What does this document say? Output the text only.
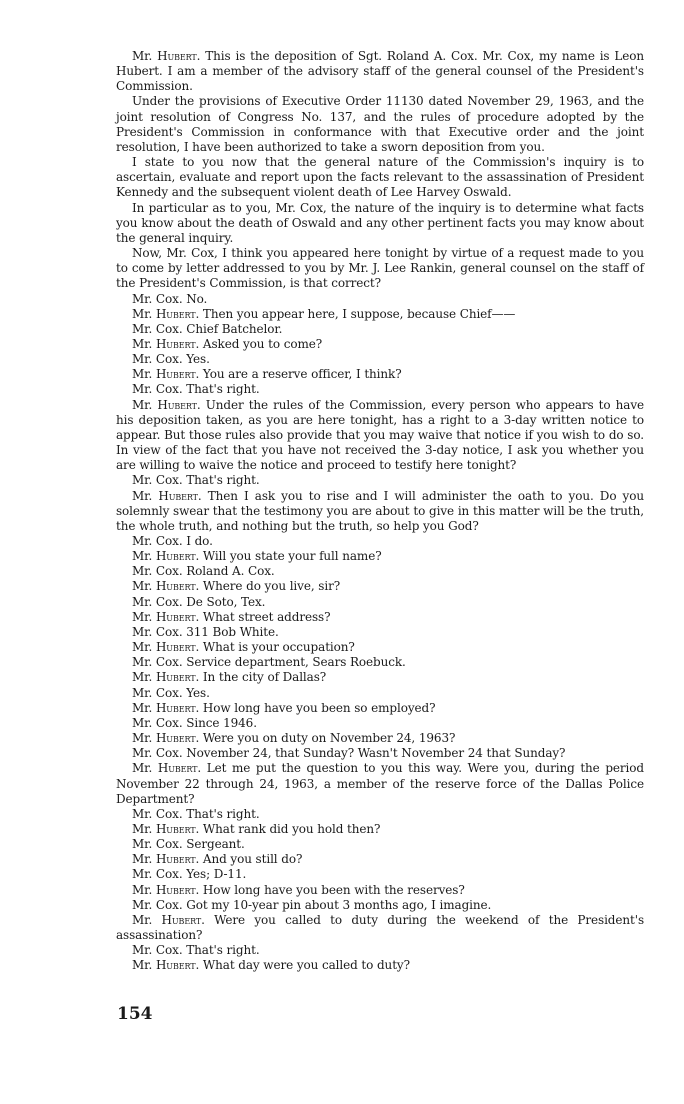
Mr. Hubert. This is the deposition of Sgt. Roland A. Cox. Mr. Cox, my name is Leon Hubert. I am a member of the advisory staff of the general counsel of the President's Commission.

Under the provisions of Executive Order 11130 dated November 29, 1963, and the joint resolution of Congress No. 137, and the rules of procedure adopted by the President's Commission in conformance with that Executive order and the joint resolution, I have been authorized to take a sworn deposition from you.

I state to you now that the general nature of the Commission's inquiry is to ascertain, evaluate and report upon the facts relevant to the assassination of President Kennedy and the subsequent violent death of Lee Harvey Oswald.

In particular as to you, Mr. Cox, the nature of the inquiry is to determine what facts you know about the death of Oswald and any other pertinent facts you may know about the general inquiry.

Now, Mr. Cox, I think you appeared here tonight by virtue of a request made to you to come by letter addressed to you by Mr. J. Lee Rankin, general counsel on the staff of the President's Commission, is that correct?

Mr. Cox. No.

Mr. Hubert. Then you appear here, I suppose, because Chief——

Mr. Cox. Chief Batchelor.

Mr. Hubert. Asked you to come?

Mr. Cox. Yes.

Mr. Hubert. You are a reserve officer, I think?

Mr. Cox. That's right.

Mr. Hubert. Under the rules of the Commission, every person who appears to have his deposition taken, as you are here tonight, has a right to a 3-day written notice to appear. But those rules also provide that you may waive that notice if you wish to do so. In view of the fact that you have not received the 3-day notice, I ask you whether you are willing to waive the notice and proceed to testify here tonight?

Mr. Cox. That's right.

Mr. Hubert. Then I ask you to rise and I will administer the oath to you. Do you solemnly swear that the testimony you are about to give in this matter will be the truth, the whole truth, and nothing but the truth, so help you God?

Mr. Cox. I do.

Mr. Hubert. Will you state your full name?

Mr. Cox. Roland A. Cox.

Mr. Hubert. Where do you live, sir?

Mr. Cox. De Soto, Tex.

Mr. Hubert. What street address?

Mr. Cox. 311 Bob White.

Mr. Hubert. What is your occupation?

Mr. Cox. Service department, Sears Roebuck.

Mr. Hubert. In the city of Dallas?

Mr. Cox. Yes.

Mr. Hubert. How long have you been so employed?

Mr. Cox. Since 1946.

Mr. Hubert. Were you on duty on November 24, 1963?

Mr. Cox. November 24, that Sunday? Wasn't November 24 that Sunday?

Mr. Hubert. Let me put the question to you this way. Were you, during the period November 22 through 24, 1963, a member of the reserve force of the Dallas Police Department?

Mr. Cox. That's right.

Mr. Hubert. What rank did you hold then?

Mr. Cox. Sergeant.

Mr. Hubert. And you still do?

Mr. Cox. Yes; D-11.

Mr. Hubert. How long have you been with the reserves?

Mr. Cox. Got my 10-year pin about 3 months ago, I imagine.

Mr. Hubert. Were you called to duty during the weekend of the President's assassination?

Mr. Cox. That's right.

Mr. Hubert. What day were you called to duty?

154
